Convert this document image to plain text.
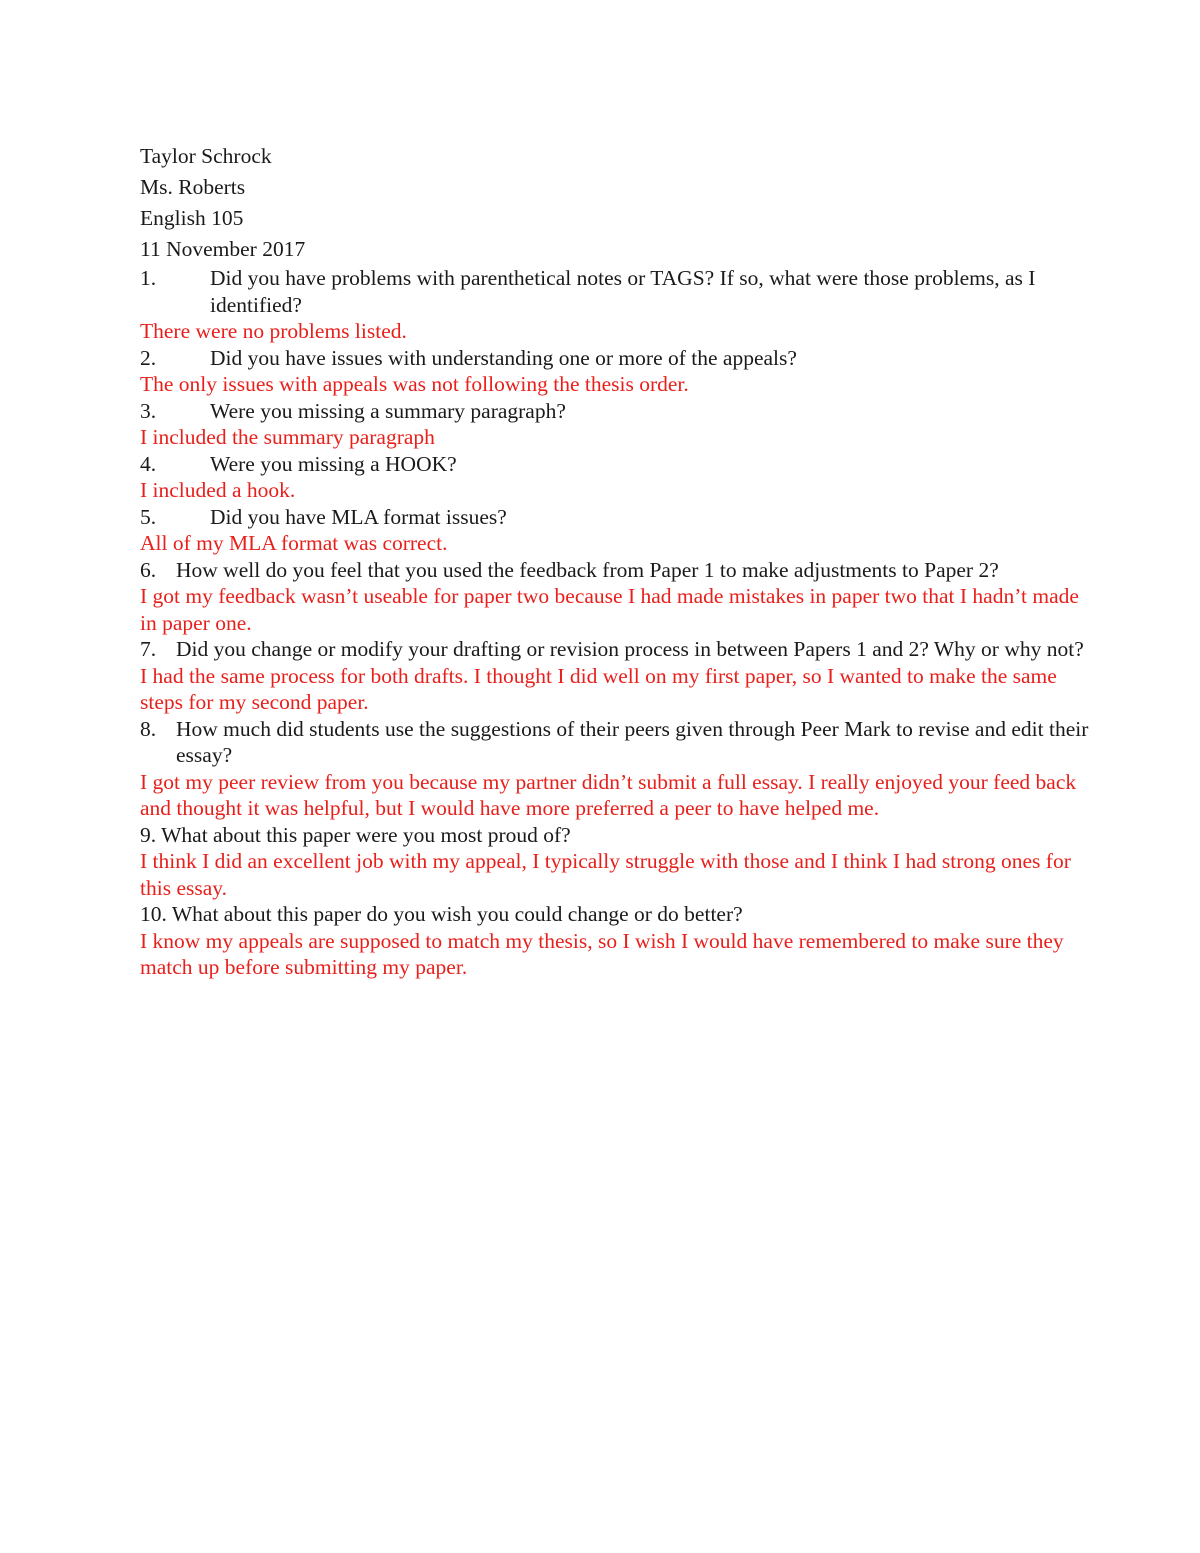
Taylor Schrock
Ms. Roberts
English 105
11 November 2017
1.	Did you have problems with parenthetical notes or TAGS? If so, what were those problems, as I identified?
There were no problems listed.
2.	Did you have issues with understanding one or more of the appeals?
The only issues with appeals was not following the thesis order.
3.	Were you missing a summary paragraph?
I included the summary paragraph
4.	Were you missing a HOOK?
I included a hook.
5.	Did you have MLA format issues?
All of my MLA format was correct.
6. How well do you feel that you used the feedback from Paper 1 to make adjustments to Paper 2?
I got my feedback wasn’t useable for paper two because I had made mistakes in paper two that I hadn’t made in paper one.
7. Did you change or modify your drafting or revision process in between Papers 1 and 2? Why or why not?
I had the same process for both drafts. I thought I did well on my first paper, so I wanted to make the same steps for my second paper.
8. How much did students use the suggestions of their peers given through Peer Mark to revise and edit their essay?
I got my peer review from you because my partner didn’t submit a full essay. I really enjoyed your feed back and thought it was helpful, but I would have more preferred a peer to have helped me.
9. What about this paper were you most proud of?
I think I did an excellent job with my appeal, I typically struggle with those and I think I had strong ones for this essay.
10. What about this paper do you wish you could change or do better?
I know my appeals are supposed to match my thesis, so I wish I would have remembered to make sure they match up before submitting my paper.
